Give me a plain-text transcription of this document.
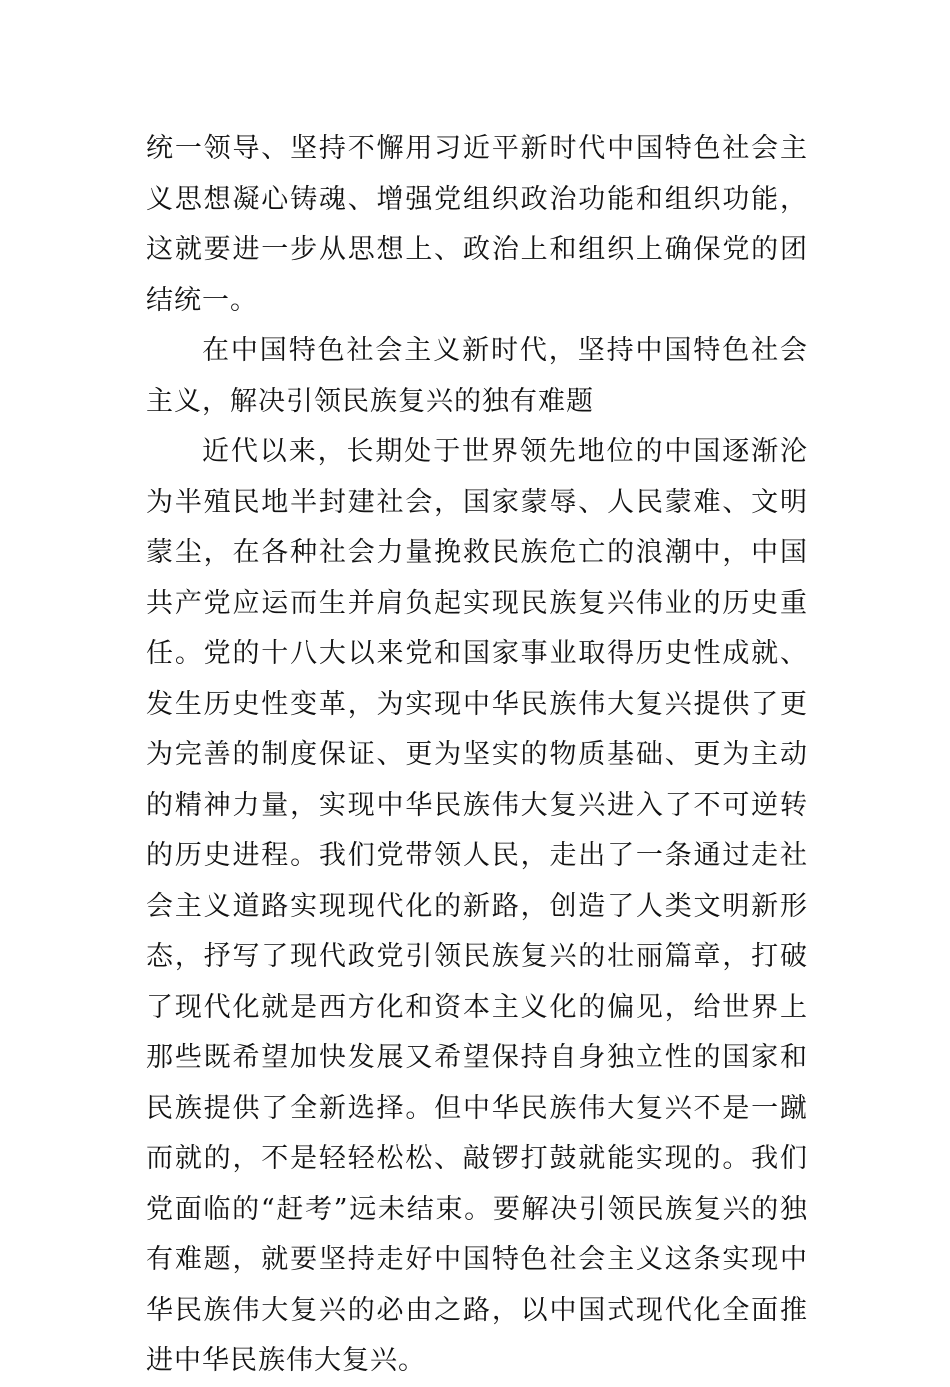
统一领导、坚持不懈用习近平新时代中国特色社会主义思想凝心铸魂、增强党组织政治功能和组织功能，这就要进一步从思想上、政治上和组织上确保党的团结统一。

在中国特色社会主义新时代，坚持中国特色社会主义，解决引领民族复兴的独有难题

近代以来，长期处于世界领先地位的中国逐渐沦为半殖民地半封建社会，国家蒙辱、人民蒙难、文明蒙尘，在各种社会力量挽救民族危亡的浪潮中，中国共产党应运而生并肩负起实现民族复兴伟业的历史重任。党的十八大以来党和国家事业取得历史性成就、发生历史性变革，为实现中华民族伟大复兴提供了更为完善的制度保证、更为坚实的物质基础、更为主动的精神力量，实现中华民族伟大复兴进入了不可逆转的历史进程。我们党带领人民，走出了一条通过走社会主义道路实现现代化的新路，创造了人类文明新形态，抒写了现代政党引领民族复兴的壮丽篇章，打破了现代化就是西方化和资本主义化的偏见，给世界上那些既希望加快发展又希望保持自身独立性的国家和民族提供了全新选择。但中华民族伟大复兴不是一蹴而就的，不是轻轻松松、敲锣打鼓就能实现的。我们党面临的“赶考”远未结束。要解决引领民族复兴的独有难题，就要坚持走好中国特色社会主义这条实现中华民族伟大复兴的必由之路，以中国式现代化全面推进中华民族伟大复兴。
